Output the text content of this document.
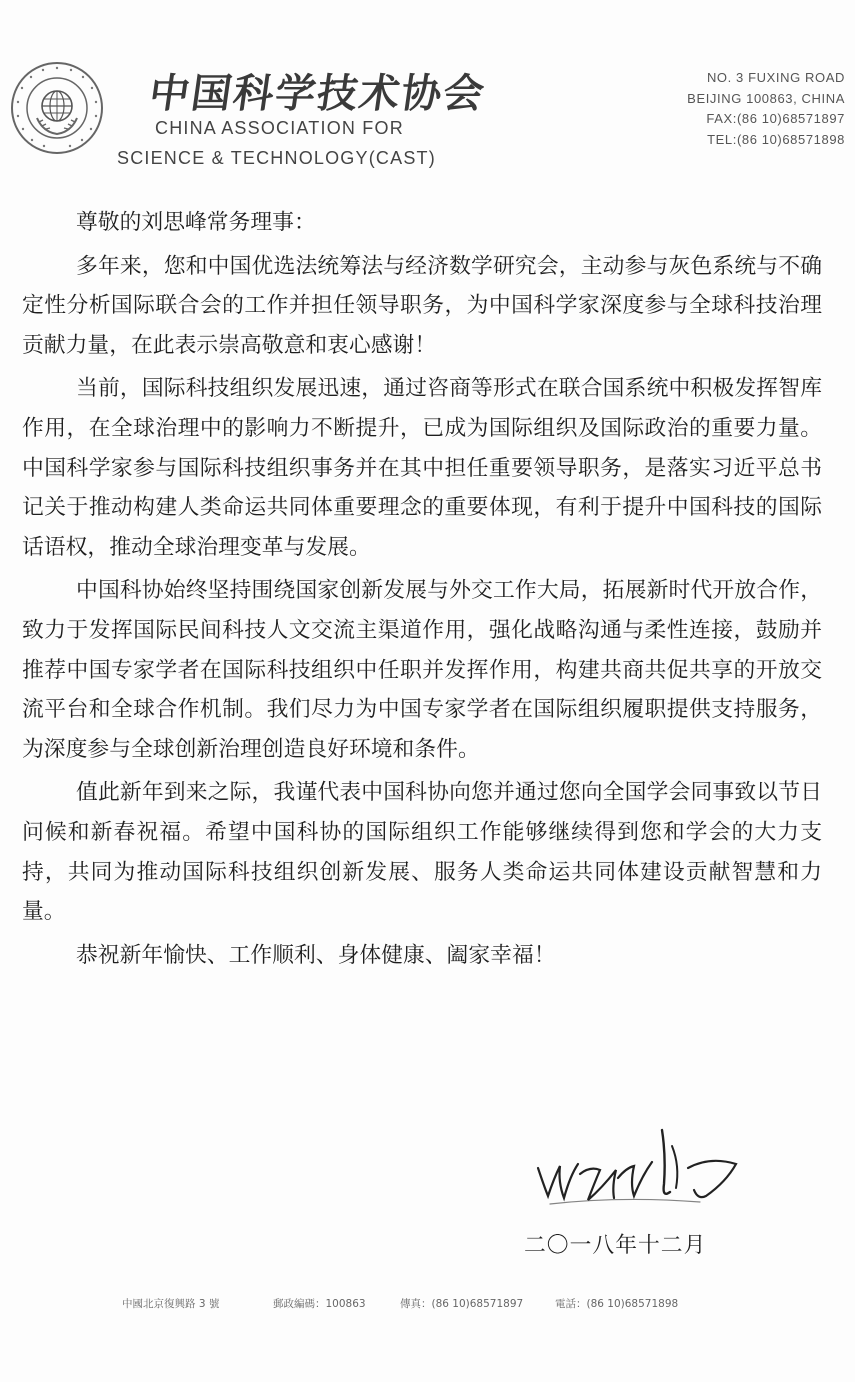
中国科学技术协会
CHINA ASSOCIATION FOR
SCIENCE & TECHNOLOGY(CAST)
NO. 3 FUXING ROAD
BEIJING 100863, CHINA
FAX:(86 10)68571897
TEL:(86 10)68571898

尊敬的刘思峰常务理事：

多年来，您和中国优选法统筹法与经济数学研究会，主动参与灰色系统与不确定性分析国际联合会的工作并担任领导职务，为中国科学家深度参与全球科技治理贡献力量，在此表示崇高敬意和衷心感谢！

当前，国际科技组织发展迅速，通过咨商等形式在联合国系统中积极发挥智库作用，在全球治理中的影响力不断提升，已成为国际组织及国际政治的重要力量。中国科学家参与国际科技组织事务并在其中担任重要领导职务，是落实习近平总书记关于推动构建人类命运共同体重要理念的重要体现，有利于提升中国科技的国际话语权，推动全球治理变革与发展。

中国科协始终坚持围绕国家创新发展与外交工作大局，拓展新时代开放合作，致力于发挥国际民间科技人文交流主渠道作用，强化战略沟通与柔性连接，鼓励并推荐中国专家学者在国际科技组织中任职并发挥作用，构建共商共促共享的开放交流平台和全球合作机制。我们尽力为中国专家学者在国际组织履职提供支持服务，为深度参与全球创新治理创造良好环境和条件。

值此新年到来之际，我谨代表中国科协向您并通过您向全国学会同事致以节日问候和新春祝福。希望中国科协的国际组织工作能够继续得到您和学会的大力支持，共同为推动国际科技组织创新发展、服务人类命运共同体建设贡献智慧和力量。

恭祝新年愉快、工作顺利、身体健康、阖家幸福！

二〇一八年十二月
中國北京復興路 3 號	郵政編碼：100863	傳真：(86 10)68571897	電話：(86 10)68571898
